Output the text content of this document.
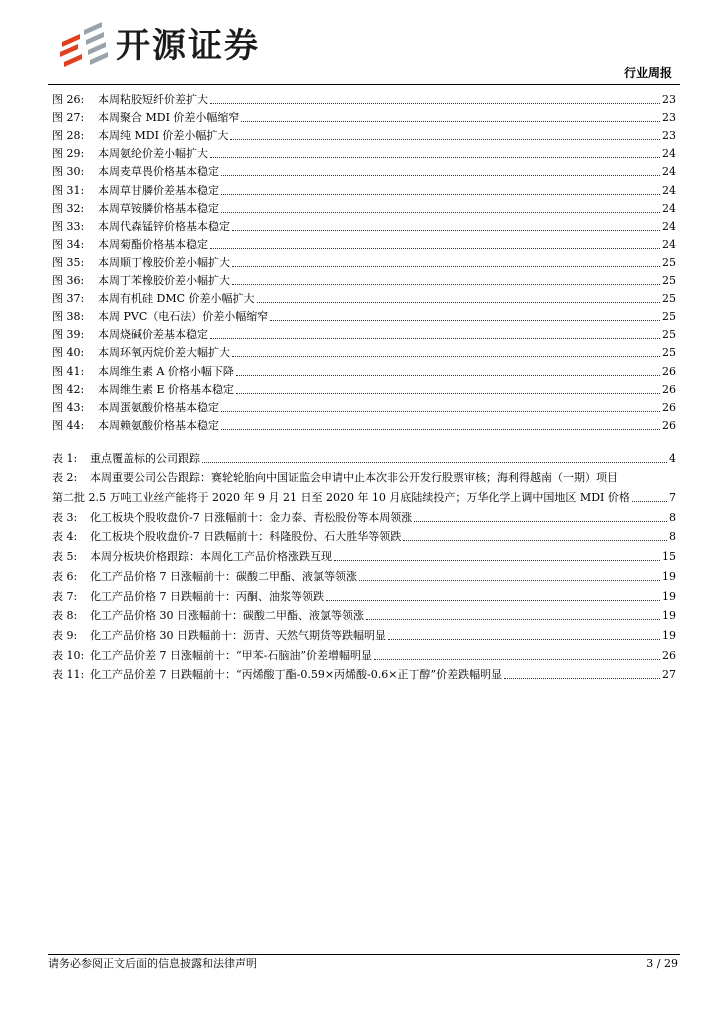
开源证券
行业周报
图 26:	本周粘胶短纤价差扩大	23
图 27:	本周聚合 MDI 价差小幅缩窄	23
图 28:	本周纯 MDI 价差小幅扩大	23
图 29:	本周氨纶价差小幅扩大	24
图 30:	本周麦草畏价格基本稳定	24
图 31:	本周草甘膦价差基本稳定	24
图 32:	本周草铵膦价格基本稳定	24
图 33:	本周代森锰锌价格基本稳定	24
图 34:	本周菊酯价格基本稳定	24
图 35:	本周顺丁橡胶价差小幅扩大	25
图 36:	本周丁苯橡胶价差小幅扩大	25
图 37:	本周有机硅 DMC 价差小幅扩大	25
图 38:	本周 PVC（电石法）价差小幅缩窄	25
图 39:	本周烧碱价差基本稳定	25
图 40:	本周环氧丙烷价差大幅扩大	25
图 41:	本周维生素 A 价格小幅下降	26
图 42:	本周维生素 E 价格基本稳定	26
图 43:	本周蛋氨酸价格基本稳定	26
图 44:	本周赖氨酸价格基本稳定	26
表 1:	重点覆盖标的公司跟踪	4
表 2:	本周重要公司公告跟踪：赛轮轮胎向中国证监会申请中止本次非公开发行股票审核；海利得越南（一期）项目
第二批 2.5 万吨工业丝产能将于 2020 年 9 月 21 日至 2020 年 10 月底陆续投产；万华化学上调中国地区 MDI 价格	7
表 3:	化工板块个股收盘价-7 日涨幅前十：金力泰、青松股份等本周领涨	8
表 4:	化工板块个股收盘价-7 日跌幅前十：科隆股份、石大胜华等领跌	8
表 5:	本周分板块价格跟踪：本周化工产品价格涨跌互现	15
表 6:	化工产品价格 7 日涨幅前十：碳酸二甲酯、液氯等领涨	19
表 7:	化工产品价格 7 日跌幅前十：丙酮、油浆等领跌	19
表 8:	化工产品价格 30 日涨幅前十：碳酸二甲酯、液氯等领涨	19
表 9:	化工产品价格 30 日跌幅前十：沥青、天然气期货等跌幅明显	19
表 10: 化工产品价差 7 日涨幅前十：“甲苯-石脑油”价差增幅明显	26
表 11: 化工产品价差 7 日跌幅前十：“丙烯酸丁酯-0.59×丙烯酸-0.6×正丁醇”价差跌幅明显	27
请务必参阅正文后面的信息披露和法律声明	3 / 29
